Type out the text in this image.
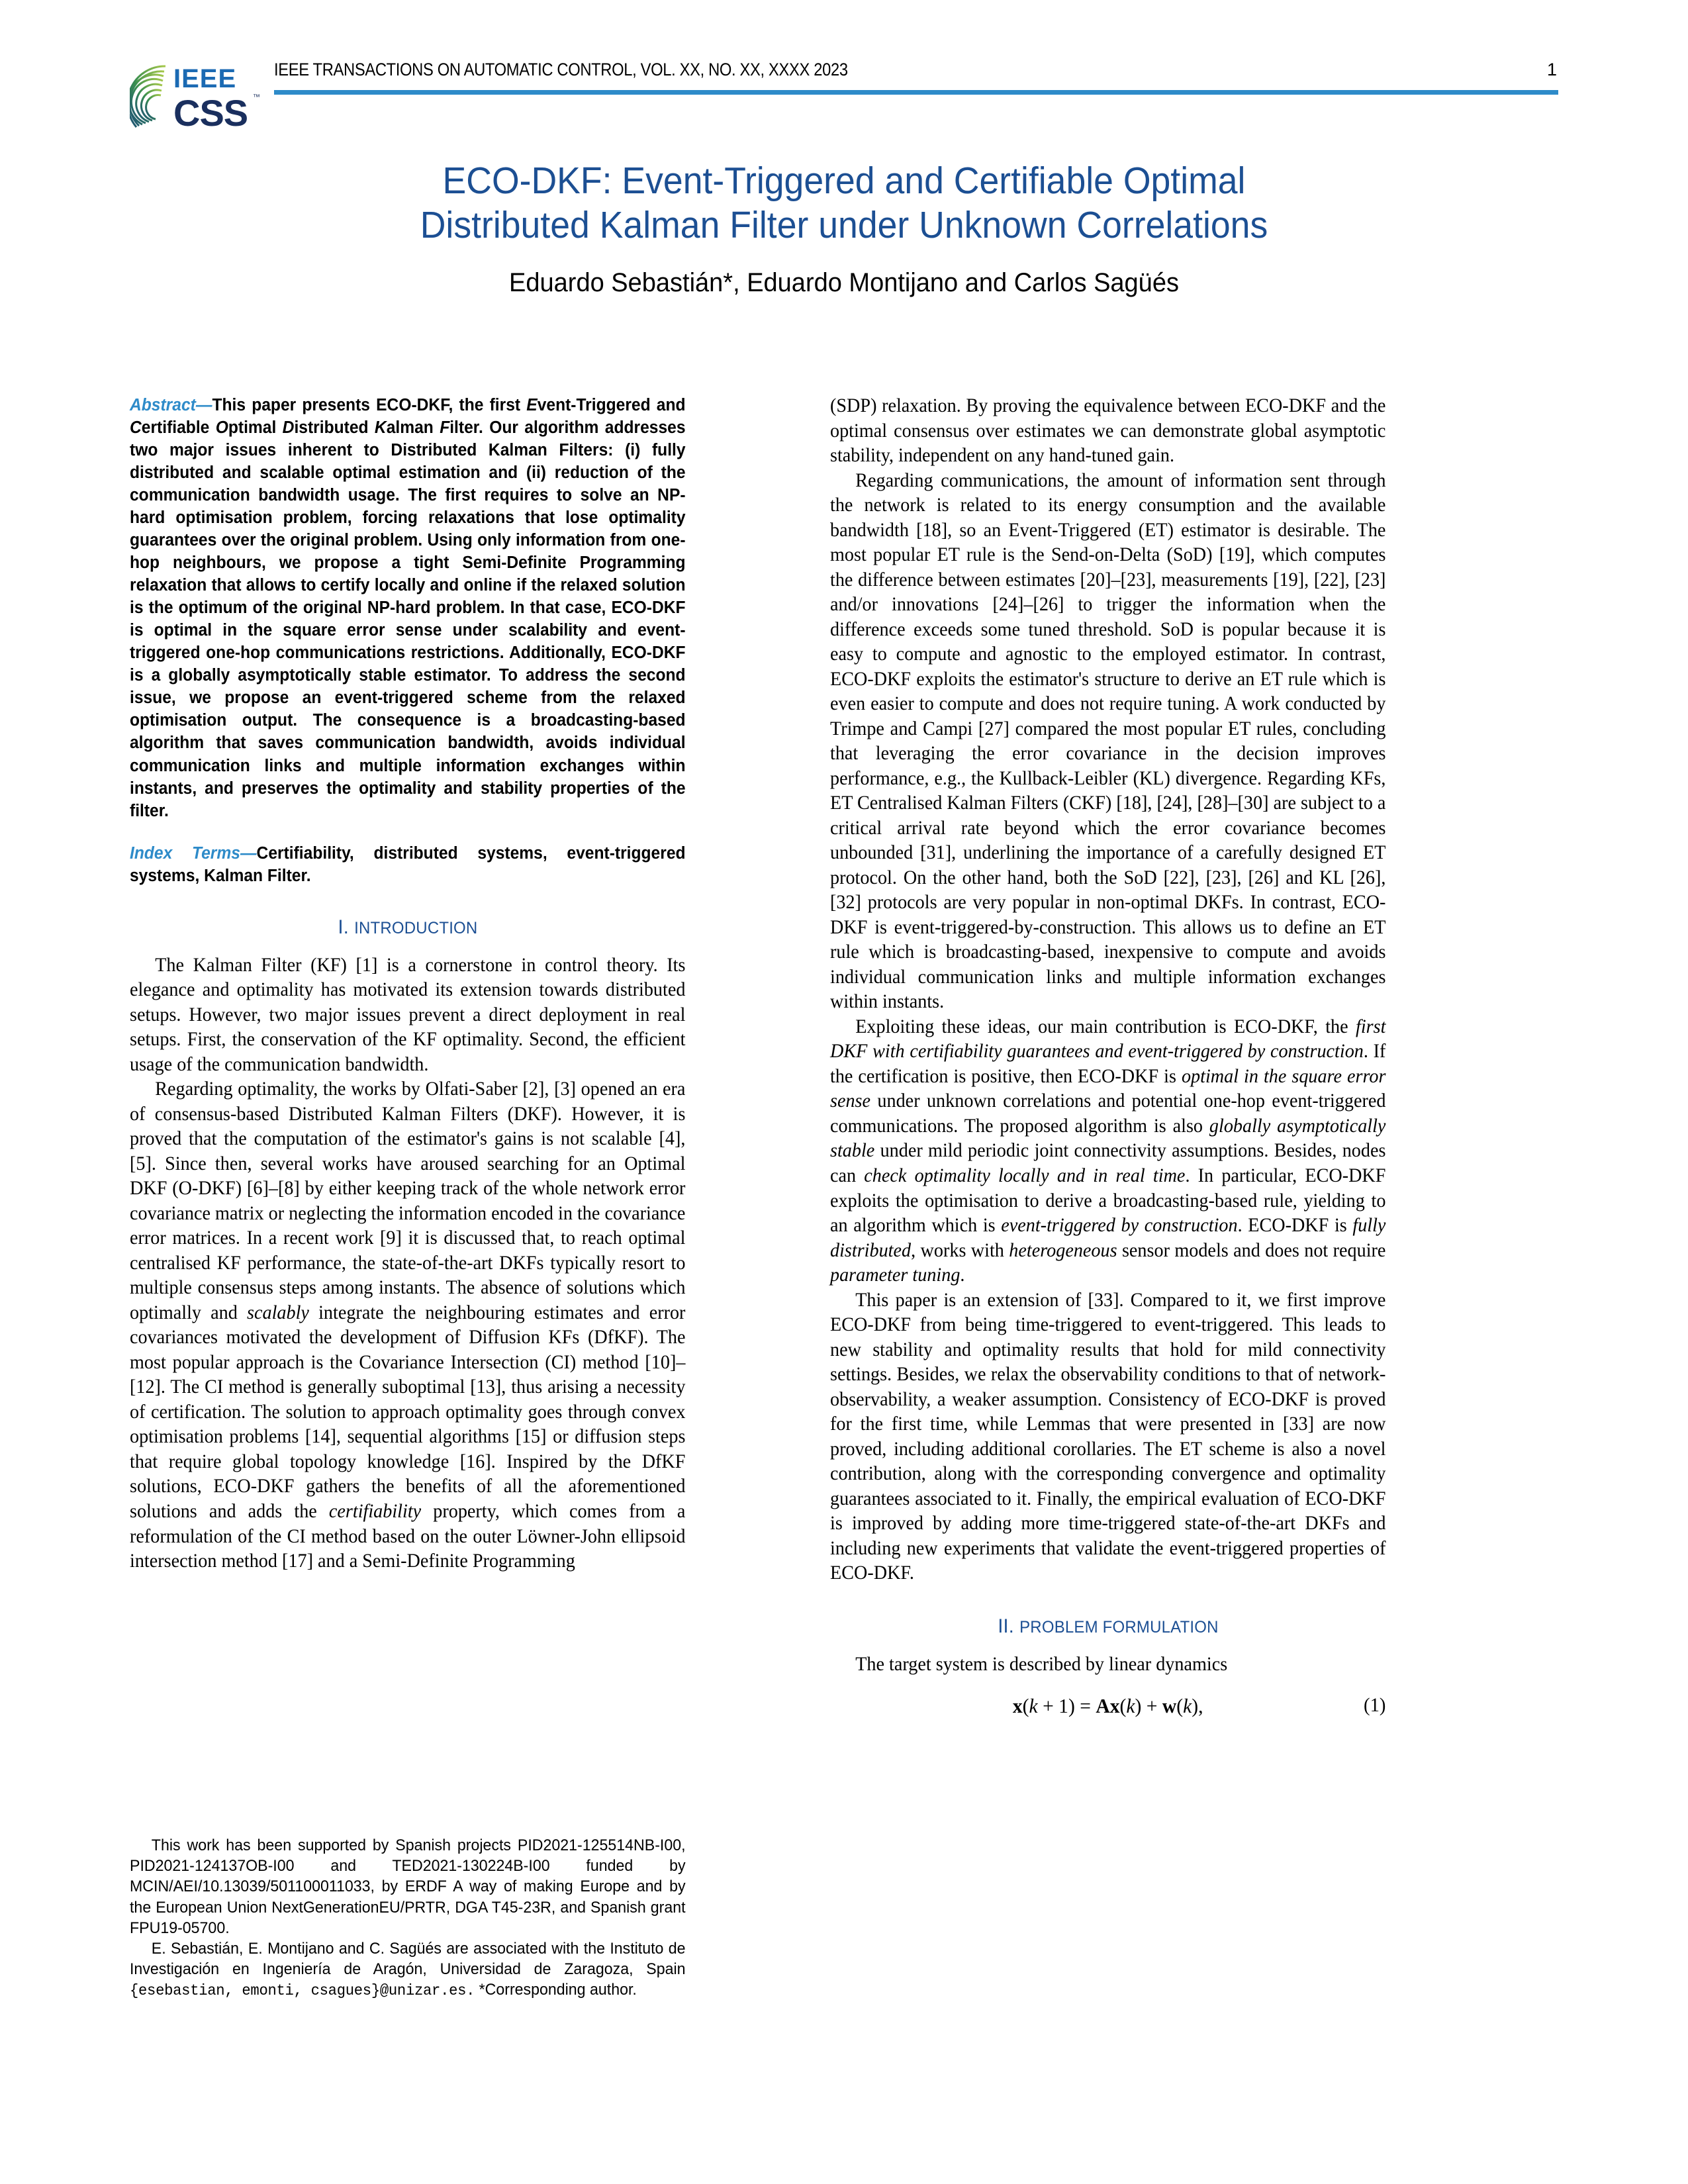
IEEE
CSS ™
IEEE TRANSACTIONS ON AUTOMATIC CONTROL, VOL. XX, NO. XX, XXXX 2023	1
ECO-DKF: Event-Triggered and Certifiable Optimal
Distributed Kalman Filter under Unknown Correlations
Eduardo Sebastián*, Eduardo Montijano and Carlos Sagüés
Abstract—This paper presents ECO-DKF, the first Event-Triggered and Certifiable Optimal Distributed Kalman Filter. Our algorithm addresses two major issues inherent to Distributed Kalman Filters: (i) fully distributed and scalable optimal estimation and (ii) reduction of the communication bandwidth usage. The first requires to solve an NP-hard optimisation problem, forcing relaxations that lose optimality guarantees over the original problem. Using only information from one-hop neighbours, we propose a tight Semi-Definite Programming relaxation that allows to certify locally and online if the relaxed solution is the optimum of the original NP-hard problem. In that case, ECO-DKF is optimal in the square error sense under scalability and event-triggered one-hop communications restrictions. Additionally, ECO-DKF is a globally asymptotically stable estimator. To address the second issue, we propose an event-triggered scheme from the relaxed optimisation output. The consequence is a broadcasting-based algorithm that saves communication bandwidth, avoids individual communication links and multiple information exchanges within instants, and preserves the optimality and stability properties of the filter.
Index Terms—Certifiability, distributed systems, event-triggered systems, Kalman Filter.
I. INTRODUCTION

The Kalman Filter (KF) [1] is a cornerstone in control theory. Its elegance and optimality has motivated its extension towards distributed setups. However, two major issues prevent a direct deployment in real setups. First, the conservation of the KF optimality. Second, the efficient usage of the communication bandwidth.

Regarding optimality, the works by Olfati-Saber [2], [3] opened an era of consensus-based Distributed Kalman Filters (DKF). However, it is proved that the computation of the estimator's gains is not scalable [4], [5]. Since then, several works have aroused searching for an Optimal DKF (O-DKF) [6]–[8] by either keeping track of the whole network error covariance matrix or neglecting the information encoded in the covariance error matrices. In a recent work [9] it is discussed that, to reach optimal centralised KF performance, the state-of-the-art DKFs typically resort to multiple consensus steps among instants. The absence of solutions which optimally and scalably integrate the neighbouring estimates and error covariances motivated the development of Diffusion KFs (DfKF). The most popular approach is the Covariance Intersection (CI) method [10]–[12]. The CI method is generally suboptimal [13], thus arising a necessity of certification. The solution to approach optimality goes through convex optimisation problems [14], sequential algorithms [15] or diffusion steps that require global topology knowledge [16]. Inspired by the DfKF solutions, ECO-DKF gathers the benefits of all the aforementioned solutions and adds the certifiability property, which comes from a reformulation of the CI method based on the outer Löwner-John ellipsoid intersection method [17] and a Semi-Definite Programming

This work has been supported by Spanish projects PID2021-125514NB-I00, PID2021-124137OB-I00 and TED2021-130224B-I00 funded by MCIN/AEI/10.13039/501100011033, by ERDF A way of making Europe and by the European Union NextGenerationEU/PRTR, DGA T45-23R, and Spanish grant FPU19-05700.

E. Sebastián, E. Montijano and C. Sagüés are associated with the Instituto de Investigación en Ingeniería de Aragón, Universidad de Zaragoza, Spain {esebastian, emonti, csagues}@unizar.es. *Corresponding author.

(SDP) relaxation. By proving the equivalence between ECO-DKF and the optimal consensus over estimates we can demonstrate global asymptotic stability, independent on any hand-tuned gain.

Regarding communications, the amount of information sent through the network is related to its energy consumption and the available bandwidth [18], so an Event-Triggered (ET) estimator is desirable. The most popular ET rule is the Send-on-Delta (SoD) [19], which computes the difference between estimates [20]–[23], measurements [19], [22], [23] and/or innovations [24]–[26] to trigger the information when the difference exceeds some tuned threshold. SoD is popular because it is easy to compute and agnostic to the employed estimator. In contrast, ECO-DKF exploits the estimator's structure to derive an ET rule which is even easier to compute and does not require tuning. A work conducted by Trimpe and Campi [27] compared the most popular ET rules, concluding that leveraging the error covariance in the decision improves performance, e.g., the Kullback-Leibler (KL) divergence. Regarding KFs, ET Centralised Kalman Filters (CKF) [18], [24], [28]–[30] are subject to a critical arrival rate beyond which the error covariance becomes unbounded [31], underlining the importance of a carefully designed ET protocol. On the other hand, both the SoD [22], [23], [26] and KL [26], [32] protocols are very popular in non-optimal DKFs. In contrast, ECO-DKF is event-triggered-by-construction. This allows us to define an ET rule which is broadcasting-based, inexpensive to compute and avoids individual communication links and multiple information exchanges within instants.

Exploiting these ideas, our main contribution is ECO-DKF, the first DKF with certifiability guarantees and event-triggered by construction. If the certification is positive, then ECO-DKF is optimal in the square error sense under unknown correlations and potential one-hop event-triggered communications. The proposed algorithm is also globally asymptotically stable under mild periodic joint connectivity assumptions. Besides, nodes can check optimality locally and in real time. In particular, ECO-DKF exploits the optimisation to derive a broadcasting-based rule, yielding to an algorithm which is event-triggered by construction. ECO-DKF is fully distributed, works with heterogeneous sensor models and does not require parameter tuning.

This paper is an extension of [33]. Compared to it, we first improve ECO-DKF from being time-triggered to event-triggered. This leads to new stability and optimality results that hold for mild connectivity settings. Besides, we relax the observability conditions to that of network-observability, a weaker assumption. Consistency of ECO-DKF is proved for the first time, while Lemmas that were presented in [33] are now proved, including additional corollaries. The ET scheme is also a novel contribution, along with the corresponding convergence and optimality guarantees associated to it. Finally, the empirical evaluation of ECO-DKF is improved by adding more time-triggered state-of-the-art DKFs and including new experiments that validate the event-triggered properties of ECO-DKF.

II. PROBLEM FORMULATION

The target system is described by linear dynamics

x(k + 1) = Ax(k) + w(k),	(1)
